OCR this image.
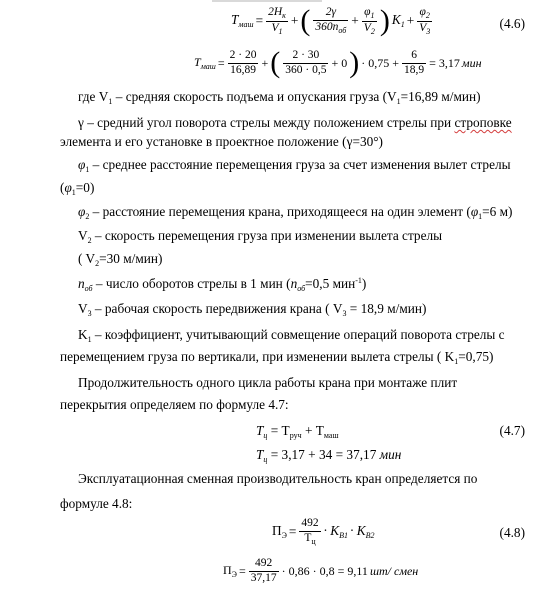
$T_{маш} = \frac{2H_к}{V_1}$ + ( $\frac{2\gamma}{360n_{об}} + \frac{\varphi_1}{V_2}$ ) $K_1 + \frac{\varphi_2}{V_3}$	(4.6)
$T_{маш} = \frac{2 \cdot 20}{16,89}$ + ( $\frac{2 \cdot 30}{360 \cdot 0,5} + 0$ ) · $0,75 + \frac{6}{18,9} = 3,17$ мин
где $V_1$ – средняя скорость подъема и опускания груза ($V_1=16,89$ м/мин)
γ – средний угол поворота стрелы между положением стрелы при строповке
элемента и его установке в проектное положение (γ=30°)
$\varphi_1$ – среднее расстояние перемещения груза за счет изменения вылет стрелы
$(\varphi_1=0)$
$\varphi_2$ – расстояние перемещения крана, приходящееся на один элемент ($\varphi_1=6$ м)
$V_2$ – скорость перемещения груза при изменении вылета стрелы
( $V_2=30$ м/мин)
$n_{об}$ – число оборотов стрелы в 1 мин ($n_{об}=0,5$ мин$^{-1}$)
$V_3$ – рабочая скорость передвижения крана ( $V_3 = 18,9$ м/мин)
$K_1$ – коэффициент, учитывающий совмещение операций поворота стрелы с
перемещением груза по вертикали, при изменении вылета стрелы ( $K_1=0,75$)
Продолжительность одного цикла работы крана при монтаже плит
перекрытия определяем по формуле 4.7:
$T_ц = T_{руч} + T_{маш}$	(4.7)
$T_ц = 3,17 + 34 = 37,17$ мин
Эксплуатационная сменная производительность кран определяется по
формуле 4.8:
$П_Э = \frac{492}{T_ц} \cdot K_{B1} \cdot K_{B2}$	(4.8)
$П_Э = \frac{492}{37,17} \cdot 0,86 \cdot 0,8 = 9,11$ шт/ смен
